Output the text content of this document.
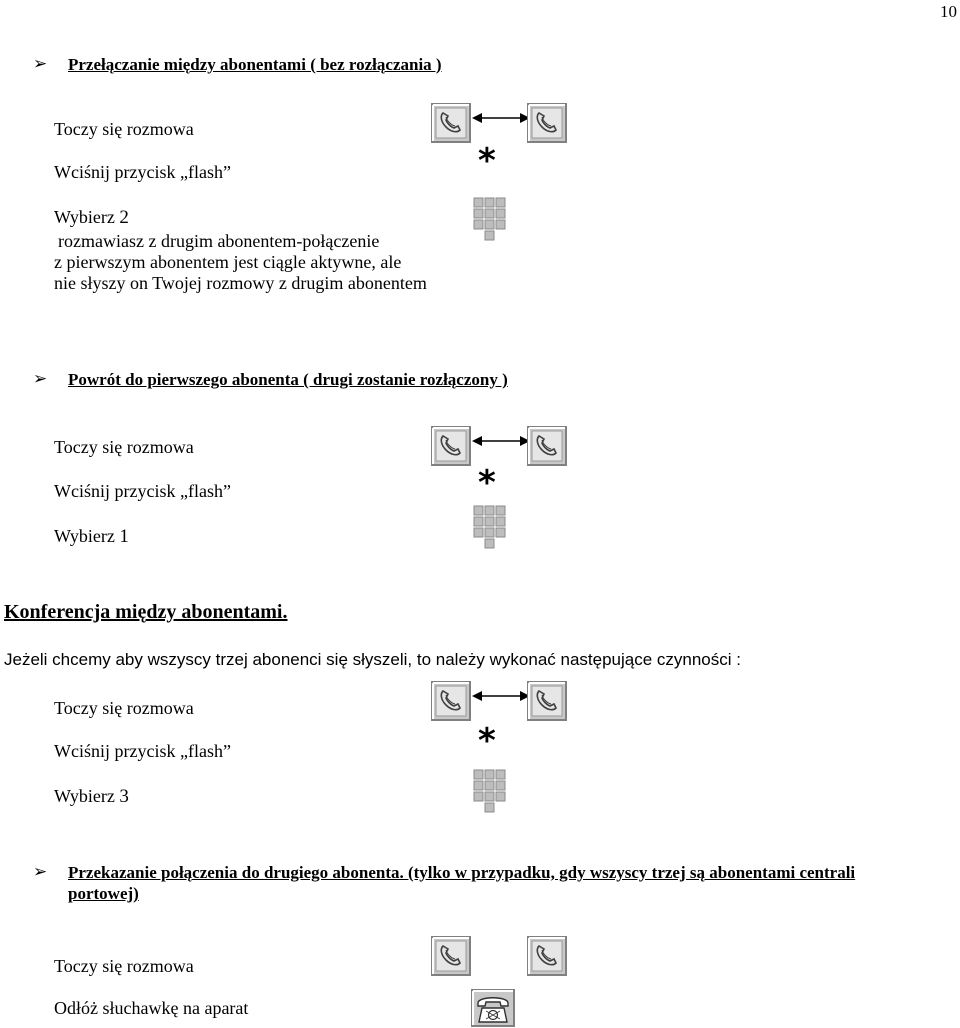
10
➢ Przełączanie między abonentami ( bez rozłączania )
Toczy się rozmowa
Wciśnij przycisk „flash”
Wybierz 2
rozmawiasz z drugim abonentem-połączenie
z pierwszym abonentem jest ciągle aktywne, ale
nie słyszy on Twojej rozmowy z drugim abonentem
*
➢ Powrót do pierwszego abonenta ( drugi zostanie rozłączony )
Toczy się rozmowa
Wciśnij przycisk „flash”
Wybierz 1
*
Konferencja między abonentami.
Jeżeli chcemy aby wszyscy trzej abonenci się słyszeli, to należy wykonać następujące czynności :
Toczy się rozmowa
Wciśnij przycisk „flash”
Wybierz 3
*
➢ Przekazanie połączenia do drugiego abonenta. (tylko w przypadku, gdy wszyscy trzej są abonentami centrali
portowej)
Toczy się rozmowa
Odłóż słuchawkę na aparat
